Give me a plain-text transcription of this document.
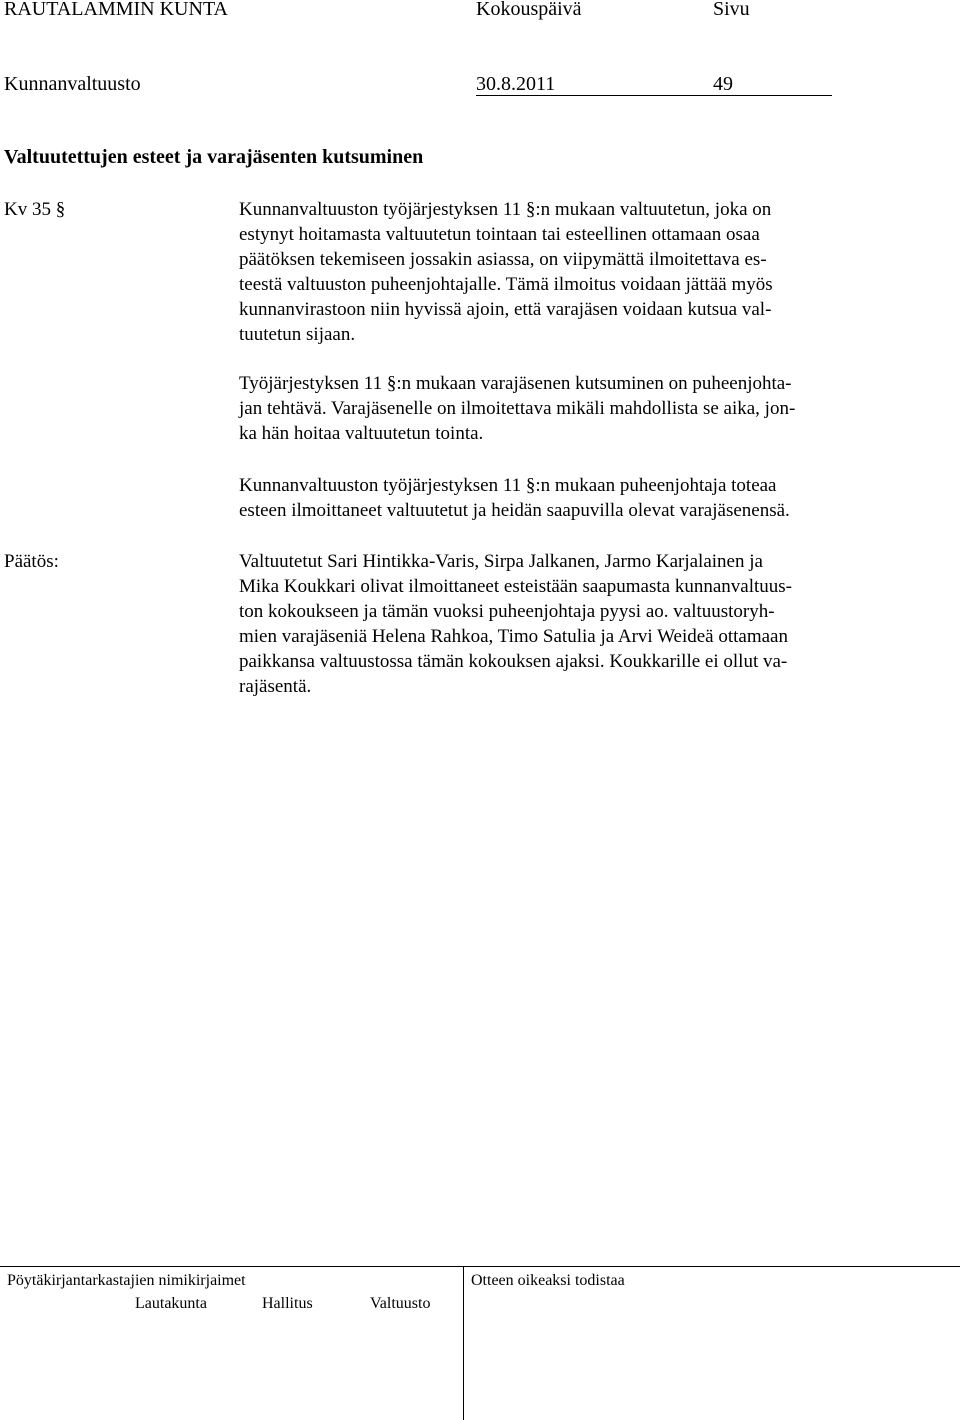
RAUTALAMMIN KUNTA	Kokouspäivä	Sivu
Kunnanvaltuusto	30.8.2011	49
Valtuutettujen esteet ja varajäsenten kutsuminen
Kv 35 §	Kunnanvaltuuston työjärjestyksen 11 §:n mukaan valtuutetun, joka on
estynyt hoitamasta valtuutetun tointaan tai esteellinen ottamaan osaa
päätöksen tekemiseen jossakin asiassa, on viipymättä ilmoitettava es-
teestä valtuuston puheenjohtajalle. Tämä ilmoitus voidaan jättää myös
kunnanvirastoon niin hyvissä ajoin, että varajäsen voidaan kutsua val-
tuutetun sijaan.
Työjärjestyksen 11 §:n mukaan varajäsenen kutsuminen on puheenjohta-
jan tehtävä. Varajäsenelle on ilmoitettava mikäli mahdollista se aika, jon-
ka hän hoitaa valtuutetun tointa.
Kunnanvaltuuston työjärjestyksen 11 §:n mukaan puheenjohtaja toteaa
esteen ilmoittaneet valtuutetut ja heidän saapuvilla olevat varajäsenensä.
Päätös:	Valtuutetut Sari Hintikka-Varis, Sirpa Jalkanen, Jarmo Karjalainen ja
Mika Koukkari olivat ilmoittaneet esteistään saapumasta kunnanvaltuus-
ton kokoukseen ja tämän vuoksi puheenjohtaja pyysi ao. valtuustoryh-
mien varajäseniä Helena Rahkoa, Timo Satulia ja Arvi Weideä ottamaan
paikkansa valtuustossa tämän kokouksen ajaksi. Koukkarille ei ollut va-
rajäsentä.
Pöytäkirjantarkastajien nimikirjaimet	Otteen oikeaksi todistaa
Lautakunta	Hallitus	Valtuusto
